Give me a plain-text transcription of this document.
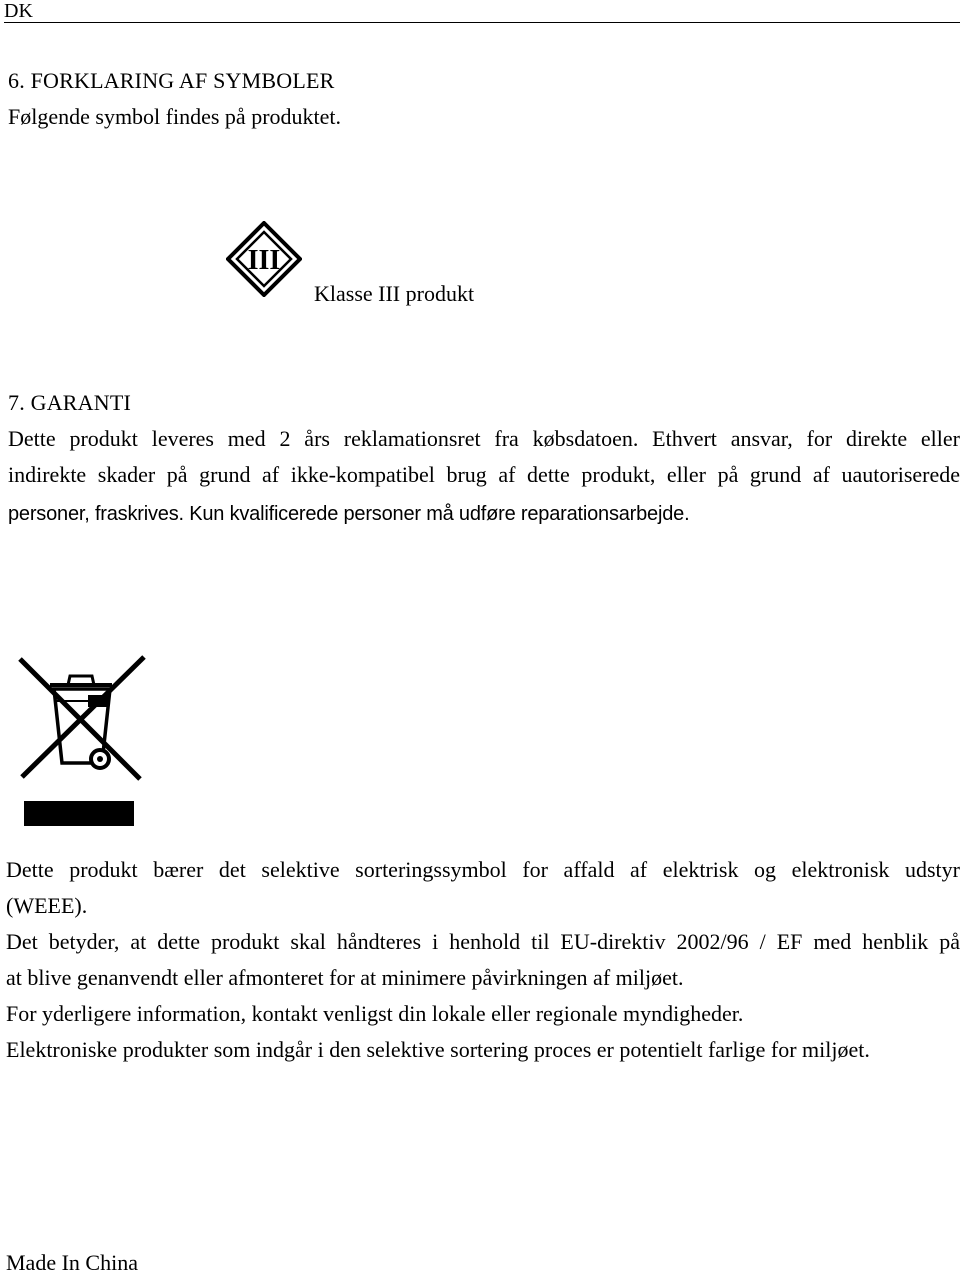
DK

6. FORKLARING AF SYMBOLER

Følgende symbol findes på produktet.

III

Klasse III produkt

7. GARANTI

Dette produkt leveres med 2 års reklamationsret fra købsdatoen. Ethvert ansvar, for direkte eller

indirekte skader på grund af ikke-kompatibel brug af dette produkt, eller på grund af uautoriserede

personer, fraskrives. Kun kvalificerede personer må udføre reparationsarbejde.

Dette produkt bærer det selektive sorteringssymbol for affald af elektrisk og elektronisk udstyr

(WEEE).

Det betyder, at dette produkt skal håndteres i henhold til EU-direktiv 2002/96 / EF med henblik på

at blive genanvendt eller afmonteret for at minimere påvirkningen af miljøet.

For yderligere information, kontakt venligst din lokale eller regionale myndigheder.

Elektroniske produkter som indgår i den selektive sortering proces er potentielt farlige for miljøet.

Made In China
